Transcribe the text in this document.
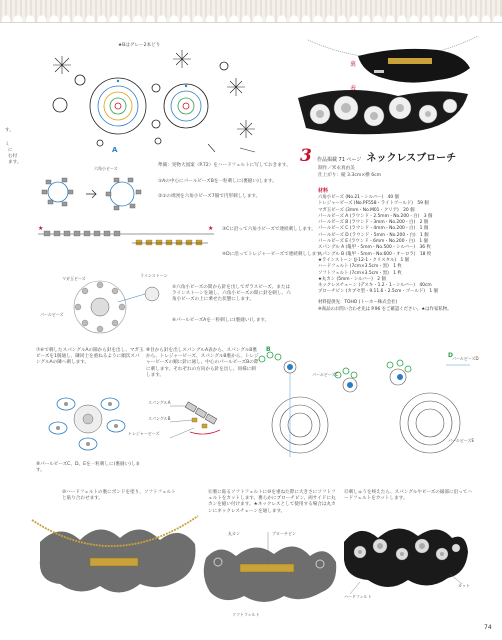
★Bはグレー2本どり
A
す。
ミ
に
む付
ます。
裏
表
準備：実物大図案（P.72）をハードフェルトに写しておきます。
六角小ビーズ
①Aの中心にパールビーズBを一粒刺しに(裏縫い)します。
②①の周囲を六角小ビーズ7個で円形刺しします。
★	★ ③Cに沿って六角小ビーズで連続刺しします。
④Dに沿ってトレジャービーズで連続刺しします。
マガ玉ビーズ
ラインストーン
パールビーズ
⑤六角小ビーズの間から針を出してガラスビーズ、またはラインストーンを通し、六角小ビーズの間に針を刺し、六角小ビーズの上に乗せた状態にします。
⑥パールビーズAを一粒刺しに(裏縫い)します。
3 作品掲載 71 ページ ネックレスブローチ
制作／米永真由美
仕上がり：縦 3.3cm×横 6cm
材料
六角小ビーズ (No.21・シルバー)　40 個
トレジャービーズ (No.PF558・ライトゴールド)　59 個
マガ玉ビーズ (3mm・No.M01・クリア)　20 個
パールビーズ A (ラウンド・2.5mm・No.200・白)　3 個
パールビーズ B (ラウンド・3mm・No.200・白)　2 個
パールビーズ C (ラウンド・4mm・No.200・白)　1 個
パールビーズ D (ラウンド・5mm・No.200・白)　1 個
パールビーズ E (ラウンド・6mm・No.200・白)　1 個
スパングル A (亀甲・5mm・No.500・シルバー)　36 枚
スパングル B (亀甲・5mm・No.600・オーロラ)　18 枚
★ラインストーン (J-12-1・クリスタル)　1 個
ハードフェルト (7cm×3.5cm・黒)　1 枚
ソフトフェルト (7cm×3.5cm・黒)　1 枚
★丸カン (5mm・シルバー)　2 個
ネックレスチェーン (デスキ・1.2・1・シルバー)　40cm
ブローチピン (カブセ型・9.11.6・2.5cm・ゴールド)　1 個
材料提供先：TOHO (トーホー株式会社)
※商品のお問い合わせ先は P.96 をご確認ください。★は作家私物。
⑦⑥で刺したスパングルAの隙から針を出し、マガ玉ビーズを1個通し、隣同士を重ねるように順次スパングルAの隣へ刺します。
⑧目から針を出しスパングルA表から、スパングルB裏から、トレジャービーズ、スパングルB裏から、トレジャービーズの順に針に通し、中心のパールビーズBの際に刺します。それぞれの方向から針を出し、同様に刺します。
スパングルA
スパングルB
トレジャービーズ
⑨パールビーズC、D、Eを一粒刺しに(裏縫い)します。
B
D
パールビーズC
パールビーズD
パールビーズE
⑩ハードフェルトの裏にボンドを塗り、ソフトフェルトと貼り合わせます。
⑪裏に貼るソフトフェルトに⑩を重ねた際に大きさにソフトフェルトをカットします。裏らかにブローチピン、両サイドに丸カンを縫い付けます。★ネックレスとして使用する場合は丸カンにネックレスチェーンを通します。
丸カン	ブローチピン
ソフトフェルト
⑫刺しゅうを終えたら、スパングルやビーズの縁部に沿ってハードフェルトをカットします。
ハードフェルト
カット
74
